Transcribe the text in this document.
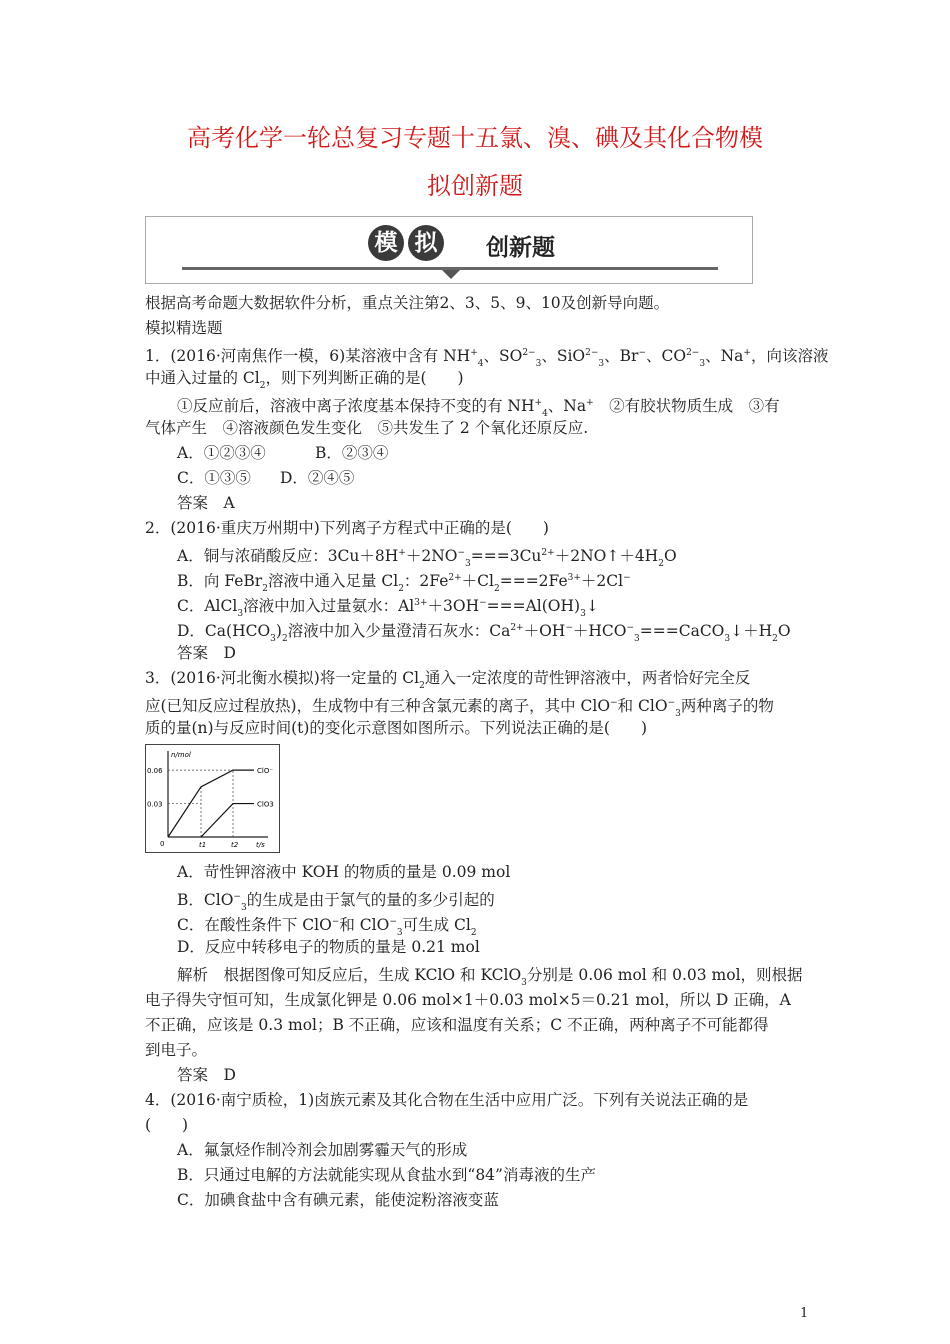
高考化学一轮总复习专题十五氯、溴、碘及其化合物模
拟创新题
模 拟 创新题
根据高考命题大数据软件分析，重点关注第2、3、5、9、10及创新导向题。
模拟精选题
1．(2016·河南焦作一模，6)某溶液中含有 $NH^+_4$、$SO^{2-}_3$、SiO$^{2-}_3$、Br−、$CO^{2-}_3$、Na+，向该溶液
中通入过量的 $Cl_2$，则下列判断正确的是(　　)
①反应前后，溶液中离子浓度基本保持不变的有 $NH^+_4$、Na+　②有胶状物质生成　③有
气体产生　④溶液颜色发生变化　⑤共发生了 2 个氧化还原反应.
A．①②③④	B．②③④
C．①③⑤ D．②④⑤
答案　A
2．(2016·重庆万州期中)下列离子方程式中正确的是(　　)
A．铜与浓硝酸反应：$3Cu+8H^++2NO^-_3===3Cu^{2+}+2NO↑+4H_2O$
B．向 FeBr$_2$溶液中通入足量 $Cl_2$：$2Fe^{2+}+Cl_2===2Fe^{3+}+2Cl^-$
C．AlCl$_3$溶液中加入过量氨水：$Al^{3+}+3OH^-===Al(OH)_3↓$
D．$Ca(HCO_3)_2$溶液中加入少量澄清石灰水：$Ca^{2+}+OH^-+HCO^-_3===CaCO_3↓+H_2O$
答案　D
3．(2016·河北衡水模拟)将一定量的 $Cl_2$通入一定浓度的苛性钾溶液中，两者恰好完全反
应(已知反应过程放热)，生成物中有三种含氯元素的离子，其中 ClO−和 ClO−$_3$两种离子的物
质的量(n)与反应时间(t)的变化示意图如图所示。下列说法正确的是(　　)
n/mol
t/s
0
0.06
0.03
t1	t2
ClO⁻
ClO3
A．苛性钾溶液中 KOH 的物质的量是 0.09 mol
B．ClO−$_3$的生成是由于氯气的量的多少引起的
C．在酸性条件下 ClO−和 ClO−$_3$可生成 $Cl_2$
D．反应中转移电子的物质的量是 0.21 mol
解析　根据图像可知反应后，生成 KClO 和 KClO$_3$分别是 0.06 mol 和 0.03 mol，则根据
电子得失守恒可知，生成氯化钾是 0.06 mol×1＋0.03 mol×5＝0.21 mol，所以 D 正确，A
不正确，应该是 0.3 mol；B 不正确，应该和温度有关系；C 不正确，两种离子不可能都得
到电子。
答案　D
4．(2016·南宁质检，1)卤族元素及其化合物在生活中应用广泛。下列有关说法正确的是
(　　)
A．氟氯烃作制冷剂会加剧雾霾天气的形成
B．只通过电解的方法就能实现从食盐水到“84”消毒液的生产
C．加碘食盐中含有碘元素，能使淀粉溶液变蓝
1
